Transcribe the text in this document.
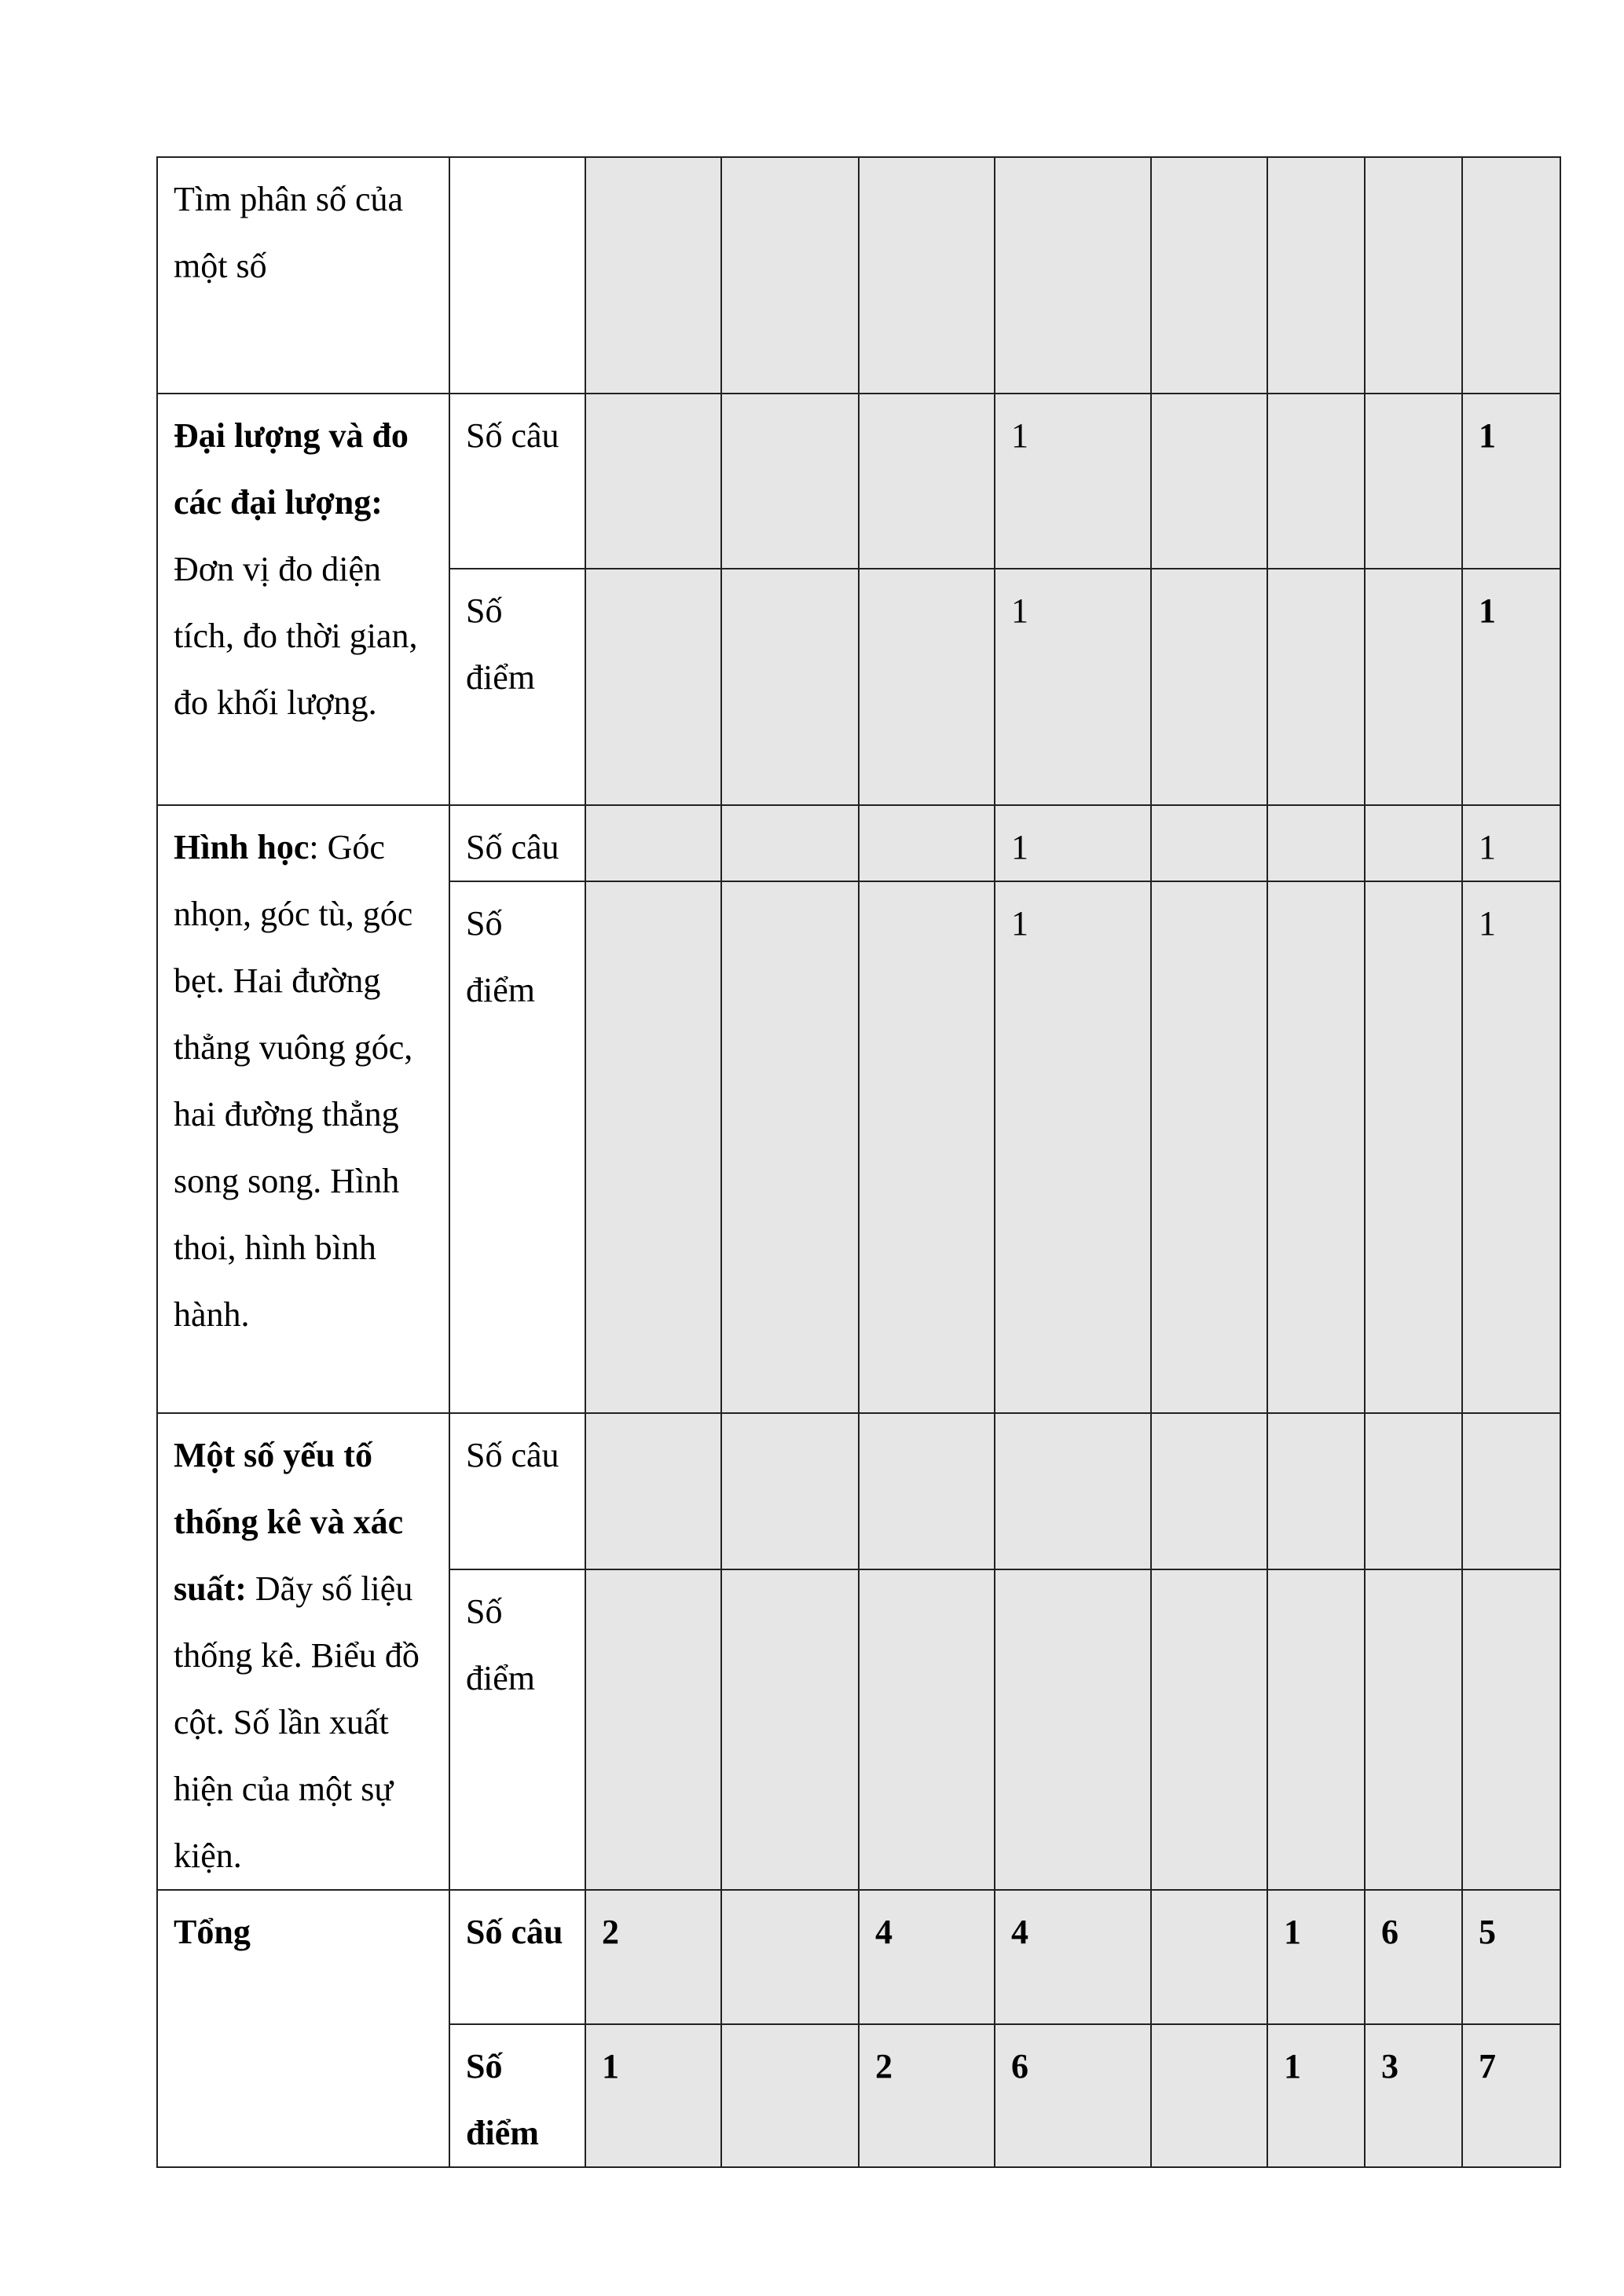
Tìm phân số của một số									
Đại lượng và đo các đại lượng: Đơn vị đo diện tích, đo thời gian, đo khối lượng.	Số câu				1				1
	Số điểm				1				1
Hình học: Góc nhọn, góc tù, góc bẹt. Hai đường thẳng vuông góc, hai đường thẳng song song. Hình thoi, hình bình hành.	Số câu				1				1
	Số điểm				1				1
Một số yếu tố thống kê và xác suất: Dãy số liệu thống kê. Biểu đồ cột. Số lần xuất hiện của một sự kiện.	Số câu								
	Số điểm								
Tổng	Số câu	2		4	4		1	6	5
	Số điểm	1		2	6		1	3	7
